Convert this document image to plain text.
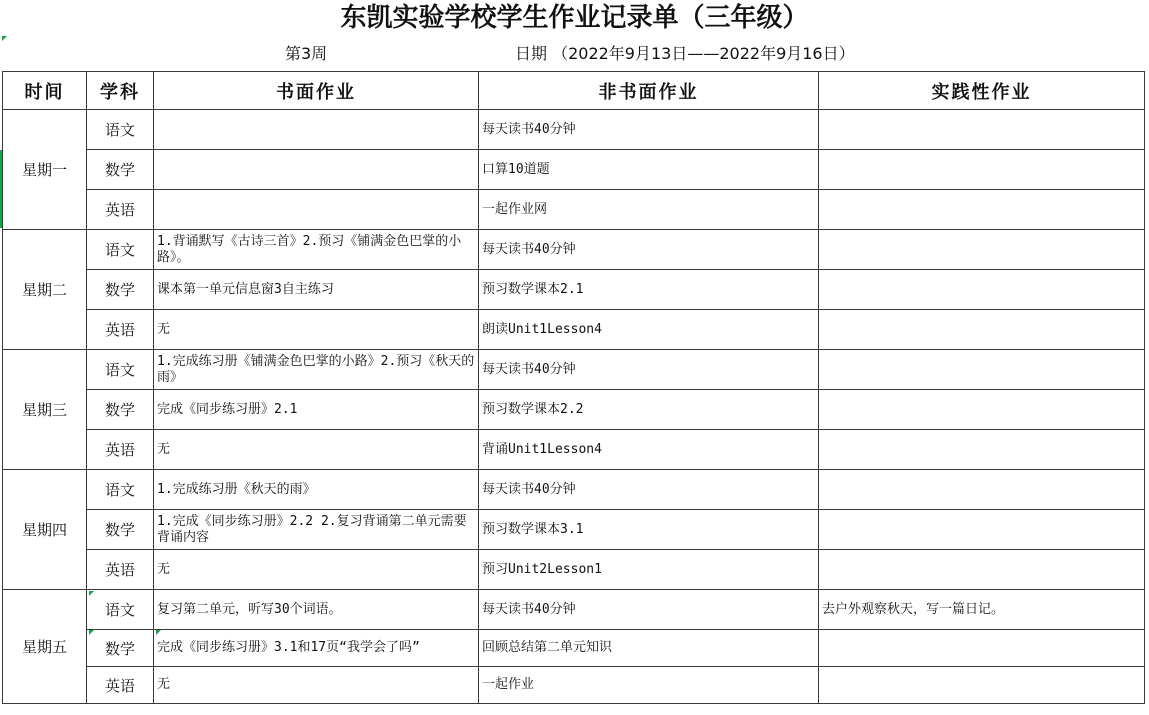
东凯实验学校学生作业记录单（三年级）
第3周	日期 （2022年9月13日——2022年9月16日）
时间	学科	书面作业	非书面作业	实践性作业
星期一	语文		每天读书40分钟	
	数学		口算10道题	
	英语		一起作业网	
星期二	语文	1.背诵默写《古诗三首》2.预习《铺满金色巴掌的小路》。	每天读书40分钟	
	数学	课本第一单元信息窗3自主练习	预习数学课本2.1	
	英语	无	朗读Unit1Lesson4	
星期三	语文	1.完成练习册《铺满金色巴掌的小路》2.预习《秋天的雨》	每天读书40分钟	
	数学	完成《同步练习册》2.1	预习数学课本2.2	
	英语	无	背诵Unit1Lesson4	
星期四	语文	1.完成练习册《秋天的雨》	每天读书40分钟	
	数学	1.完成《同步练习册》2.2 2.复习背诵第二单元需要背诵内容	预习数学课本3.1	
	英语	无	预习Unit2Lesson1	
星期五	语文	复习第二单元，听写30个词语。	每天读书40分钟	去户外观察秋天，写一篇日记。
	数学	完成《同步练习册》3.1和17页“我学会了吗”	回顾总结第二单元知识	
	英语	无	一起作业	
